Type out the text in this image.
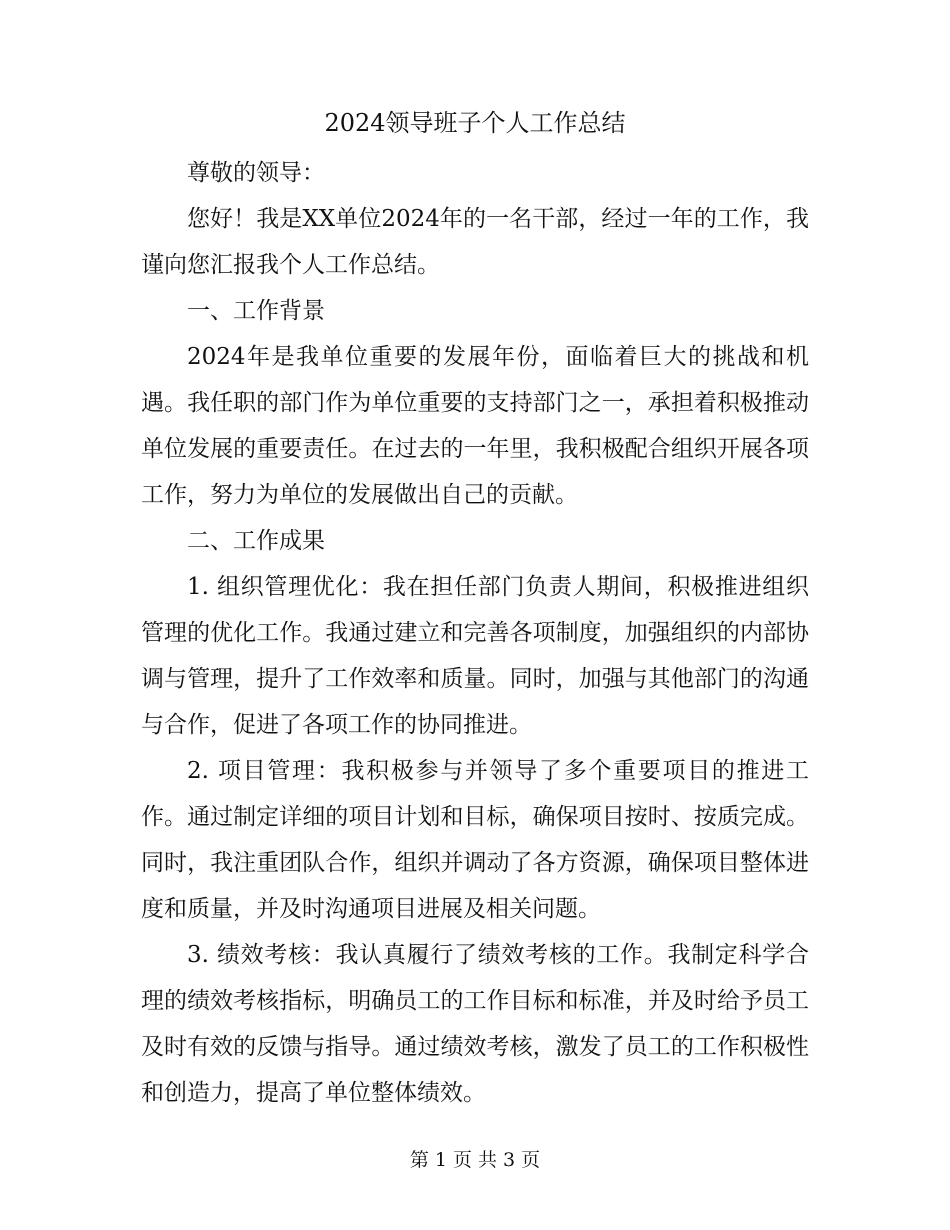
2024领导班子个人工作总结

尊敬的领导：

您好！我是XX单位2024年的一名干部，经过一年的工作，我谨向您汇报我个人工作总结。

一、工作背景

2024年是我单位重要的发展年份，面临着巨大的挑战和机遇。我任职的部门作为单位重要的支持部门之一，承担着积极推动单位发展的重要责任。在过去的一年里，我积极配合组织开展各项工作，努力为单位的发展做出自己的贡献。

二、工作成果

1. 组织管理优化：我在担任部门负责人期间，积极推进组织管理的优化工作。我通过建立和完善各项制度，加强组织的内部协调与管理，提升了工作效率和质量。同时，加强与其他部门的沟通与合作，促进了各项工作的协同推进。

2. 项目管理：我积极参与并领导了多个重要项目的推进工作。通过制定详细的项目计划和目标，确保项目按时、按质完成。同时，我注重团队合作，组织并调动了各方资源，确保项目整体进度和质量，并及时沟通项目进展及相关问题。

3. 绩效考核：我认真履行了绩效考核的工作。我制定科学合理的绩效考核指标，明确员工的工作目标和标准，并及时给予员工及时有效的反馈与指导。通过绩效考核，激发了员工的工作积极性和创造力，提高了单位整体绩效。

第 1 页 共 3 页
